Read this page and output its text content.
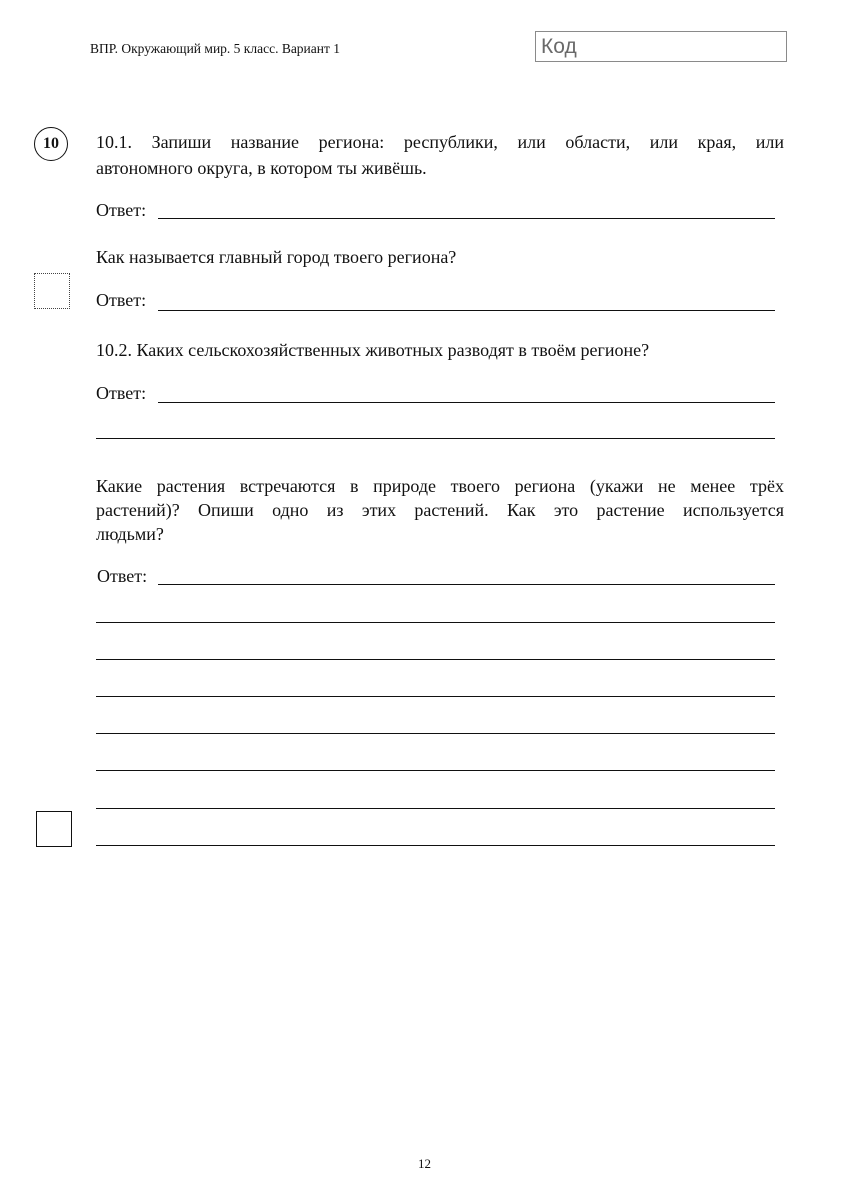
ВПР. Окружающий мир. 5 класс. Вариант 1	Код
10	10.1. Запиши название региона: республики, или области, или края, или
автономного округа, в котором ты живёшь.
Ответ:
Как называется главный город твоего региона?
Ответ:
10.2. Каких сельскохозяйственных животных разводят в твоём регионе?
Ответ:
Какие растения встречаются в природе твоего региона (укажи не менее трёх
растений)? Опиши одно из этих растений. Как это растение используется
людьми?
Ответ:
12
